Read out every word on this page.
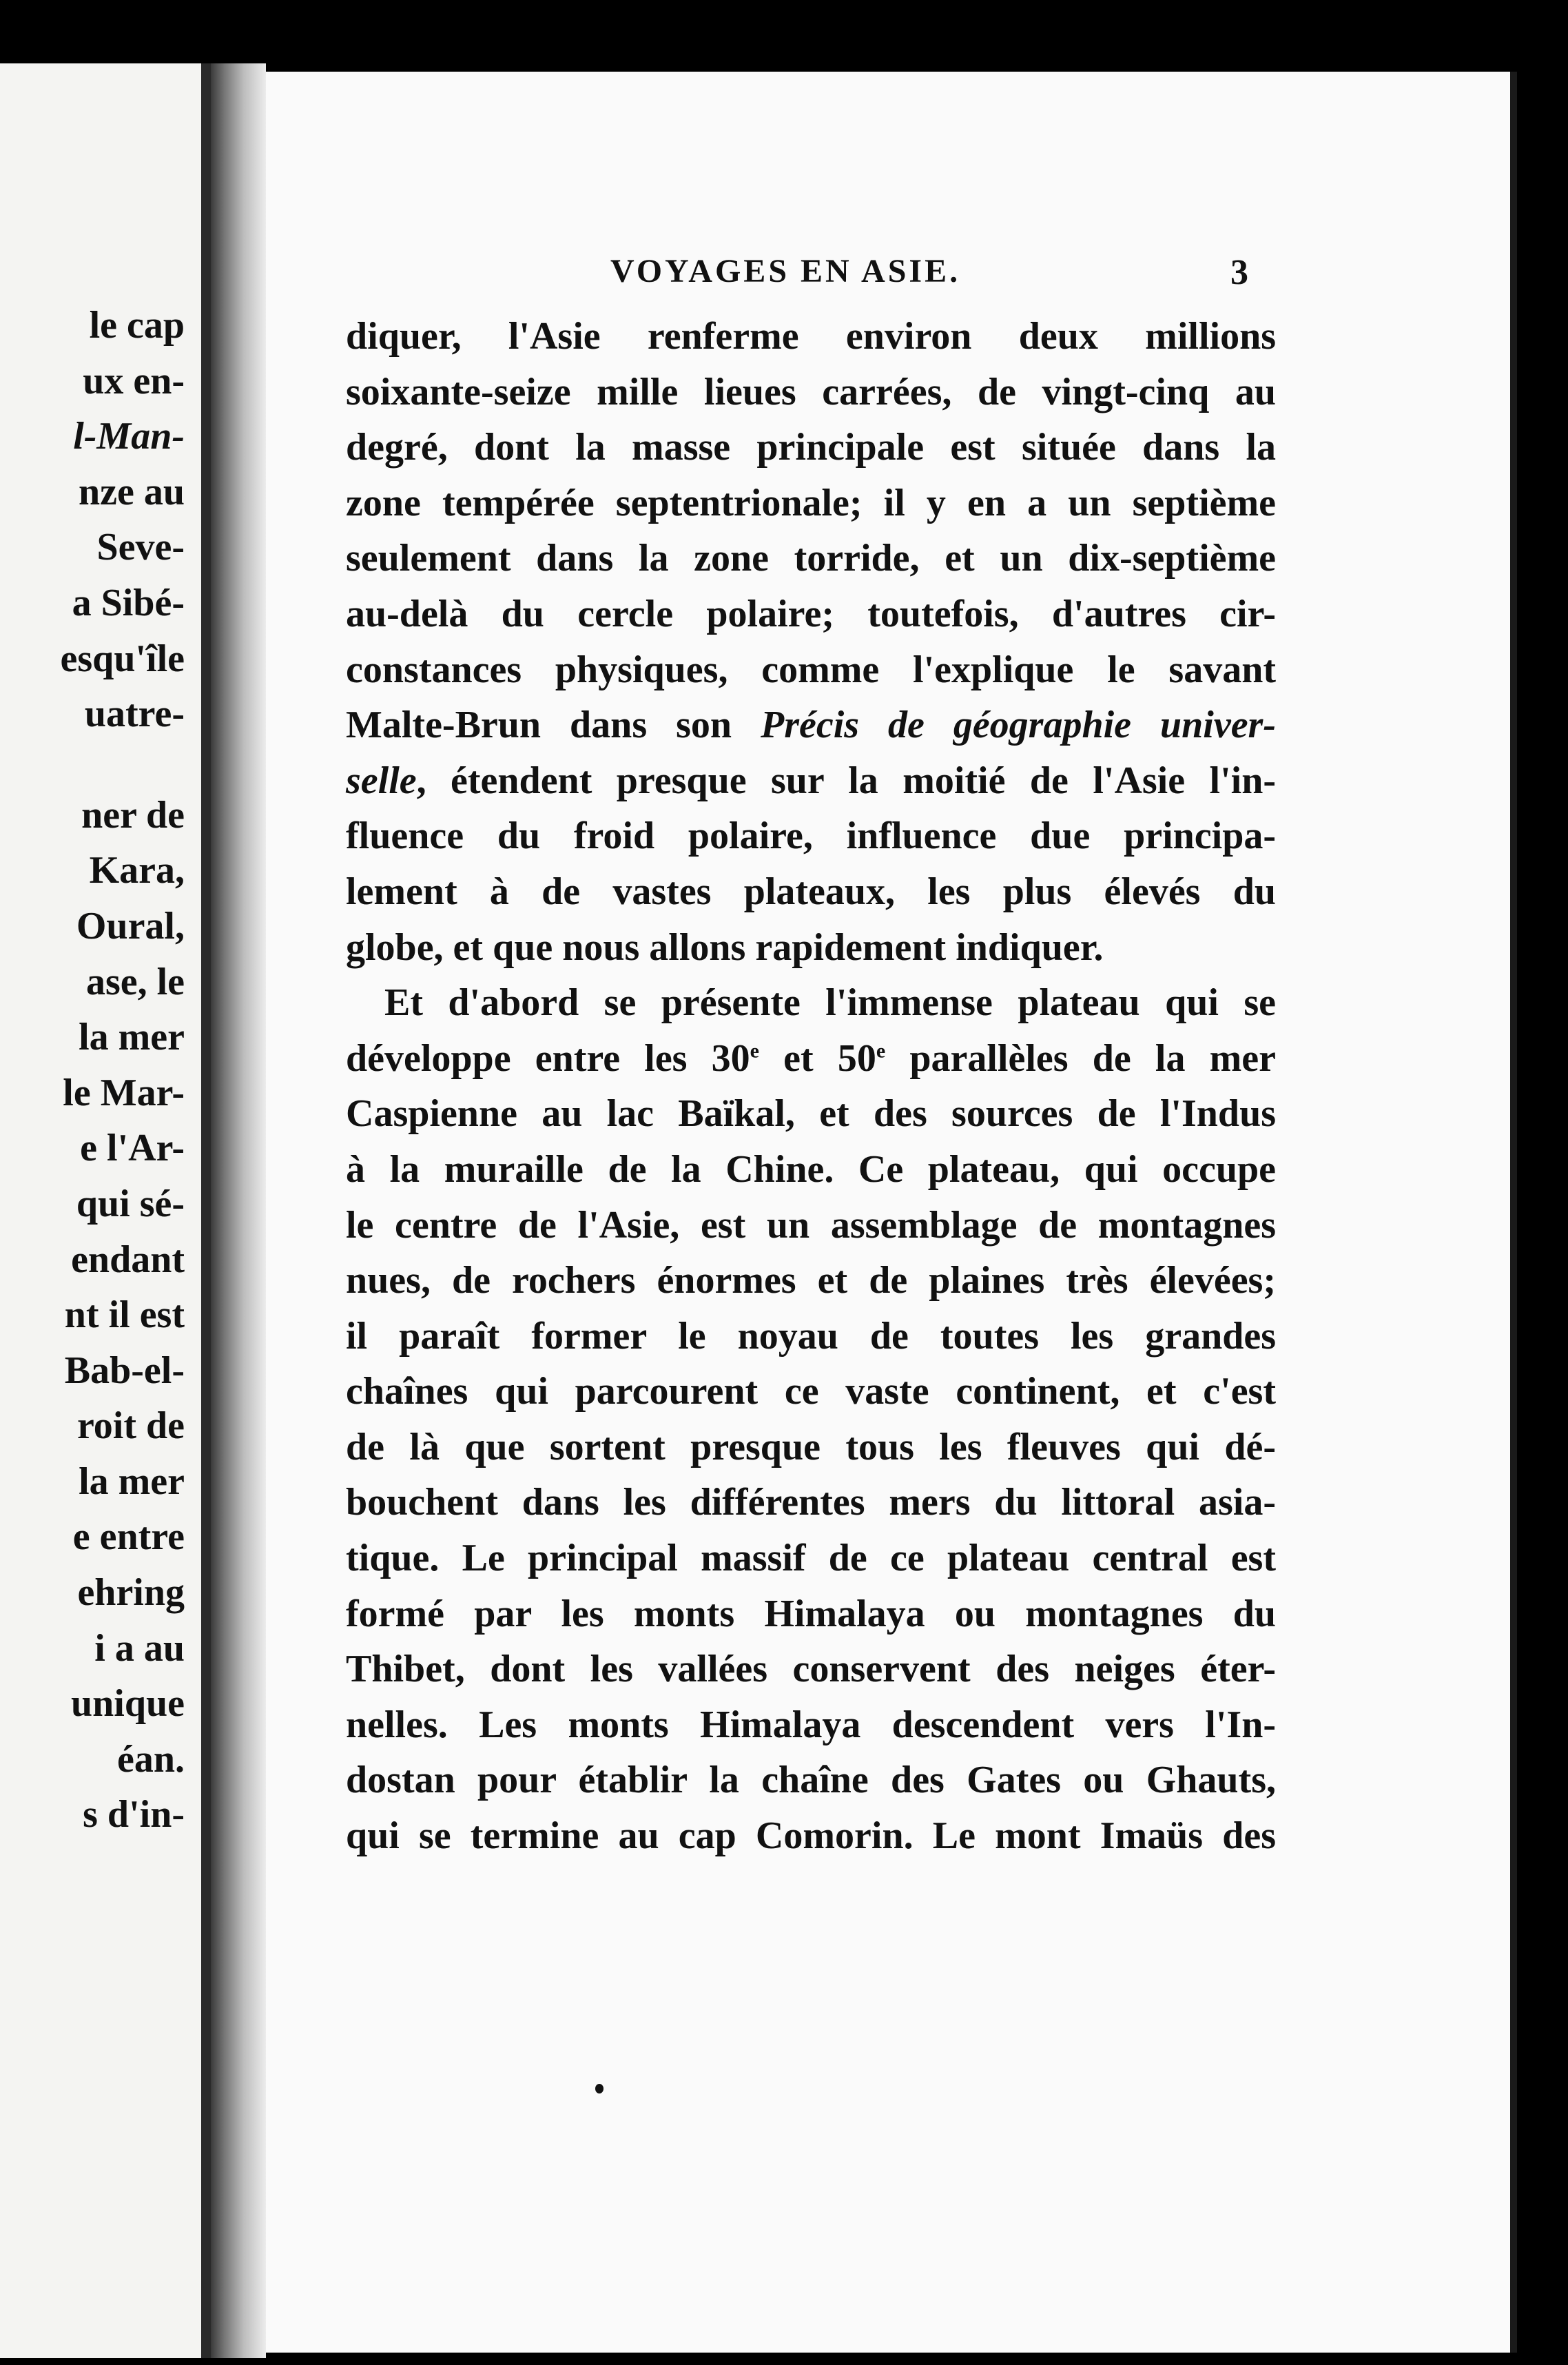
le cap
ux en-
l-Man-
nze au
Seve-
a Sibé-
esqu'île
uatre-
ner de
Kara,
Oural,
ase, le
la mer
le Mar-
e l'Ar-
qui sé-
endant
nt il est
Bab-el-
roit de
la mer
e entre
ehring
i a au
unique
éan.
s d'in-
VOYAGES EN ASIE.	3
diquer, l'Asie renferme environ deux millions
soixante-seize mille lieues carrées, de vingt-cinq au
degré, dont la masse principale est située dans la
zone tempérée septentrionale; il y en a un septième
seulement dans la zone torride, et un dix-septième
au-delà du cercle polaire; toutefois, d'autres cir-
constances physiques, comme l'explique le savant
Malte-Brun dans son Précis de géographie univer-
selle, étendent presque sur la moitié de l'Asie l'in-
fluence du froid polaire, influence due principa-
lement à de vastes plateaux, les plus élevés du
globe, et que nous allons rapidement indiquer.
Et d'abord se présente l'immense plateau qui se
développe entre les 30e et 50e parallèles de la mer
Caspienne au lac Baïkal, et des sources de l'Indus
à la muraille de la Chine. Ce plateau, qui occupe
le centre de l'Asie, est un assemblage de montagnes
nues, de rochers énormes et de plaines très élevées;
il paraît former le noyau de toutes les grandes
chaînes qui parcourent ce vaste continent, et c'est
de là que sortent presque tous les fleuves qui dé-
bouchent dans les différentes mers du littoral asia-
tique. Le principal massif de ce plateau central est
formé par les monts Himalaya ou montagnes du
Thibet, dont les vallées conservent des neiges éter-
nelles. Les monts Himalaya descendent vers l'In-
dostan pour établir la chaîne des Gates ou Ghauts,
qui se termine au cap Comorin. Le mont Imaüs des
